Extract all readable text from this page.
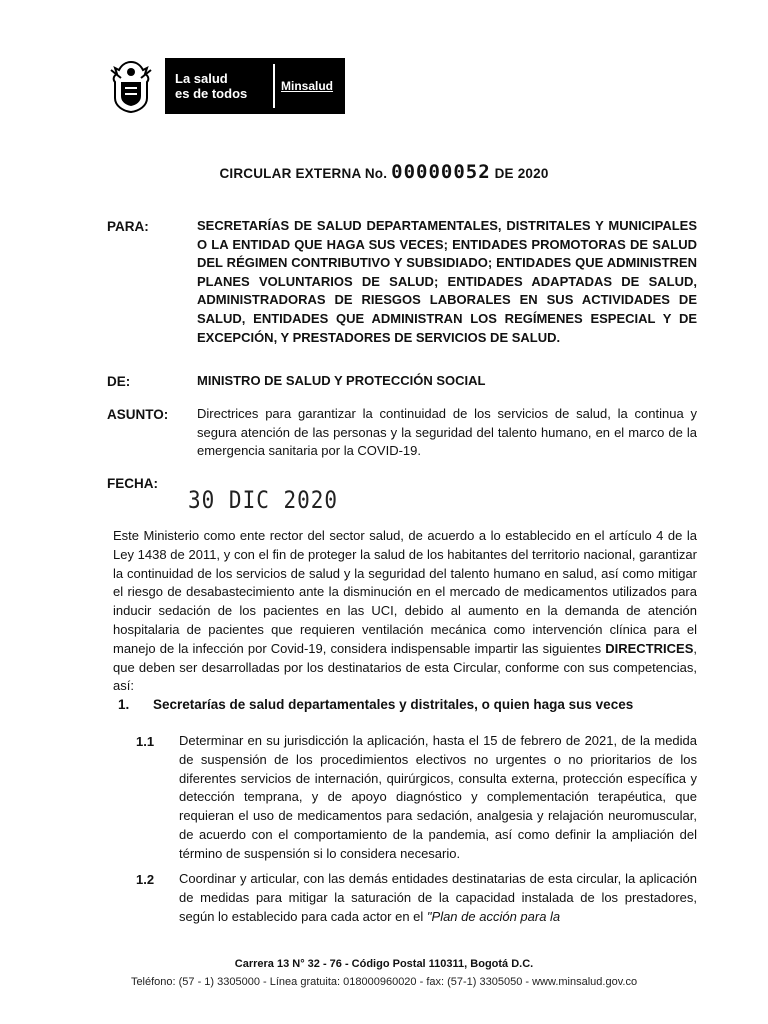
La salud
es de todos	Minsalud
CIRCULAR EXTERNA No. 00000052 DE 2020
PARA:	SECRETARÍAS DE SALUD DEPARTAMENTALES, DISTRITALES Y MUNICIPALES O LA ENTIDAD QUE HAGA SUS VECES; ENTIDADES PROMOTORAS DE SALUD DEL RÉGIMEN CONTRIBUTIVO Y SUBSIDIADO; ENTIDADES QUE ADMINISTREN PLANES VOLUNTARIOS DE SALUD; ENTIDADES ADAPTADAS DE SALUD, ADMINISTRADORAS DE RIESGOS LABORALES EN SUS ACTIVIDADES DE SALUD, ENTIDADES QUE ADMINISTRAN LOS REGÍMENES ESPECIAL Y DE EXCEPCIÓN, Y PRESTADORES DE SERVICIOS DE SALUD.
DE:	MINISTRO DE SALUD Y PROTECCIÓN SOCIAL
ASUNTO: Directrices para garantizar la continuidad de los servicios de salud, la continua y segura atención de las personas y la seguridad del talento humano, en el marco de la emergencia sanitaria por la COVID-19.
FECHA:
30 DIC 2020
Este Ministerio como ente rector del sector salud, de acuerdo a lo establecido en el artículo 4 de la Ley 1438 de 2011, y con el fin de proteger la salud de los habitantes del territorio nacional, garantizar la continuidad de los servicios de salud y la seguridad del talento humano en salud, así como mitigar el riesgo de desabastecimiento ante la disminución en el mercado de medicamentos utilizados para inducir sedación de los pacientes en las UCI, debido al aumento en la demanda de atención hospitalaria de pacientes que requieren ventilación mecánica como intervención clínica para el manejo de la infección por Covid-19, considera indispensable impartir las siguientes DIRECTRICES, que deben ser desarrolladas por los destinatarios de esta Circular, conforme con sus competencias, así:
1. Secretarías de salud departamentales y distritales, o quien haga sus veces
1.1 Determinar en su jurisdicción la aplicación, hasta el 15 de febrero de 2021, de la medida de suspensión de los procedimientos electivos no urgentes o no prioritarios de los diferentes servicios de internación, quirúrgicos, consulta externa, protección específica y detección temprana, y de apoyo diagnóstico y complementación terapéutica, que requieran el uso de medicamentos para sedación, analgesia y relajación neuromuscular, de acuerdo con el comportamiento de la pandemia, así como definir la ampliación del término de suspensión si lo considera necesario.
1.2 Coordinar y articular, con las demás entidades destinatarias de esta circular, la aplicación de medidas para mitigar la saturación de la capacidad instalada de los prestadores, según lo establecido para cada actor en el "Plan de acción para la
Carrera 13 N° 32 - 76 - Código Postal 110311, Bogotá D.C.
Teléfono: (57 - 1) 3305000 - Línea gratuita: 018000960020 - fax: (57-1) 3305050 - www.minsalud.gov.co
